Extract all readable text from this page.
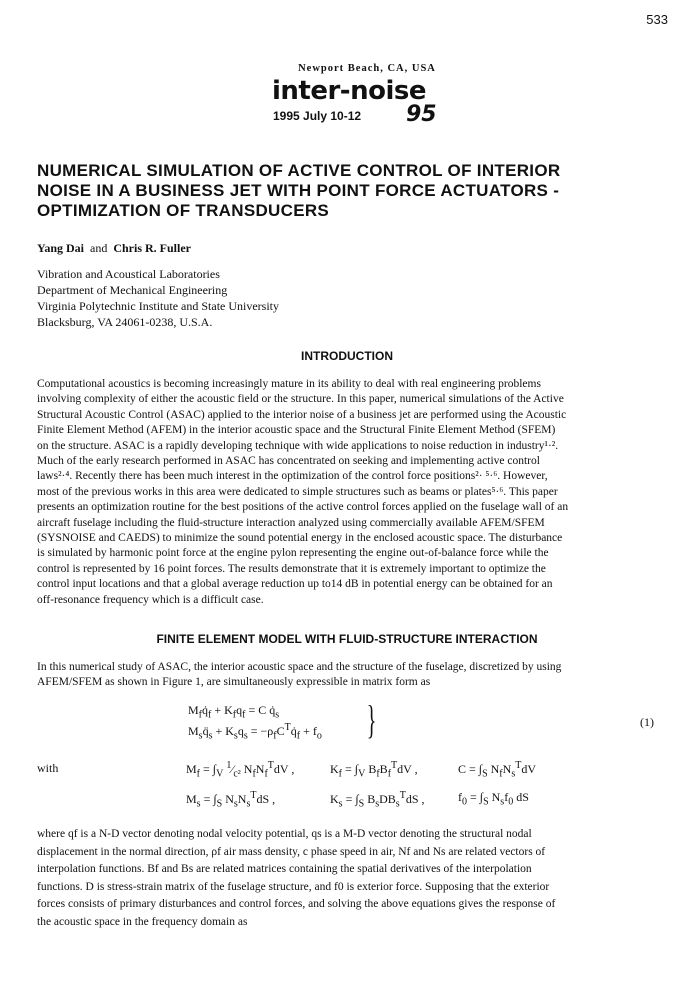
533
Newport Beach, CA, USA
inter-noise
1995 July 10-12 95
NUMERICAL SIMULATION OF ACTIVE CONTROL OF INTERIOR
NOISE IN A BUSINESS JET WITH POINT FORCE ACTUATORS -
OPTIMIZATION OF TRANSDUCERS
Yang Dai and Chris R. Fuller
Vibration and Acoustical Laboratories
Department of Mechanical Engineering
Virginia Polytechnic Institute and State University
Blacksburg, VA 24061-0238, U.S.A.
INTRODUCTION
Computational acoustics is becoming increasingly mature in its ability to deal with real engineering problems
involving complexity of either the acoustic field or the structure. In this paper, numerical simulations of the Active
Structural Acoustic Control (ASAC) applied to the interior noise of a business jet are performed using the Acoustic
Finite Element Method (AFEM) in the interior acoustic space and the Structural Finite Element Method (SFEM)
on the structure. ASAC is a rapidly developing technique with wide applications to noise reduction in industry¹·².
Much of the early research performed in ASAC has concentrated on seeking and implementing active control
laws²·⁴. Recently there has been much interest in the optimization of the control force positions²· ⁵·⁶. However,
most of the previous works in this area were dedicated to simple structures such as beams or plates⁵·⁶. This paper
presents an optimization routine for the best positions of the active control forces applied on the fuselage wall of an
aircraft fuselage including the fluid-structure interaction analyzed using commercially available AFEM/SFEM
(SYSNOISE and CAEDS) to minimize the sound potential energy in the enclosed acoustic space. The disturbance
is simulated by harmonic point force at the engine pylon representing the engine out-of-balance force while the
control is represented by 16 point forces. The results demonstrate that it is extremely important to optimize the
control input locations and that a global average reduction up to14 dB in potential energy can be obtained for an
off-resonance frequency which is a difficult case.
FINITE ELEMENT MODEL WITH FLUID-STRUCTURE INTERACTION
In this numerical study of ASAC, the interior acoustic space and the structure of the fuselage, discretized by using
AFEM/SFEM as shown in Figure 1, are simultaneously expressible in matrix form as
$M_fq̇_f + K_fq_f = C$ $q̇_s$
$M_sq̈_s + K_sq_s$ = $-\rho_fC^Tq̇_f + f_o$ }	(1)
with	$M_f = \int_V$ $^1⁄_{c^2}$ $N_fN_f^TdV$ ,	$K_f = \int_V$ $B_fB_f^TdV$ ,	$C = \int_S$ $N_fN_s^TdV$
$M_s = \int_S$ $N_sN_s^TdS$ ,	$K_s = \int_S$ $B_sDB_s^TdS$ ,	$f_0 = \int_S$ $N_sf_0$ dS
where qf is a N-D vector denoting nodal velocity potential, qs is a M-D vector denoting the structural nodal
displacement in the normal direction, ρf air mass density, c phase speed in air, Nf and Ns are related vectors of
interpolation functions. Bf and Bs are related matrices containing the spatial derivatives of the interpolation
functions. D is stress-strain matrix of the fuselage structure, and f0 is exterior force. Supposing that the exterior
forces consists of primary disturbances and control forces, and solving the above equations gives the response of
the acoustic space in the frequency domain as
